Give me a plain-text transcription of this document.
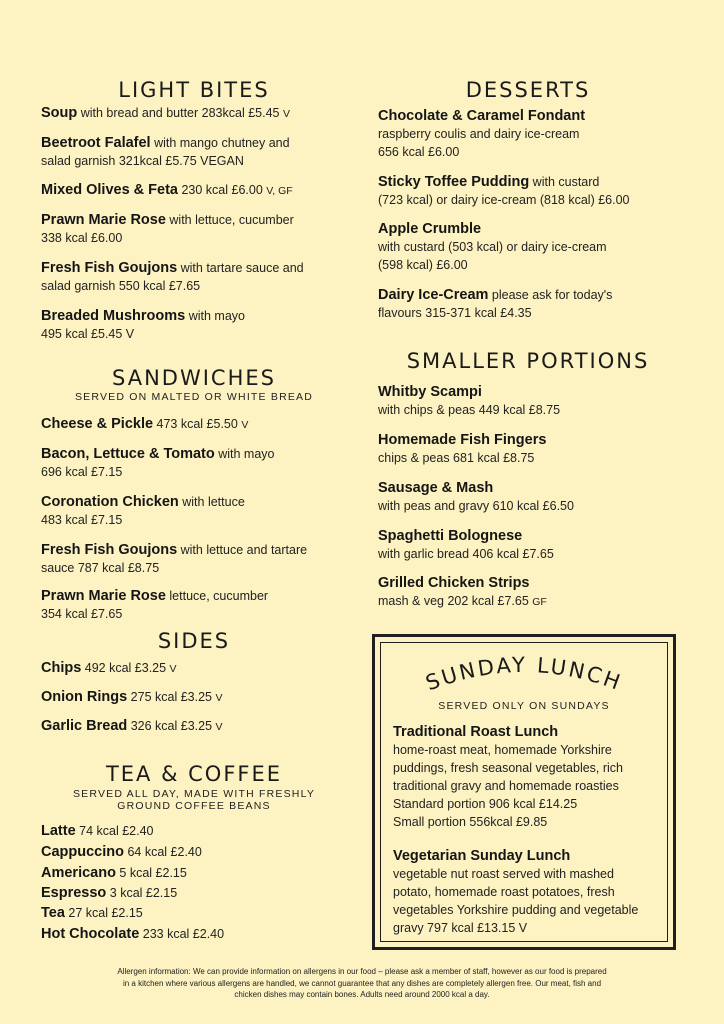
LIGHT BITES
Soup with bread and butter 283kcal £5.45 V
Beetroot Falafel with mango chutney and
salad garnish 321kcal £5.75 VEGAN
Mixed Olives & Feta 230 kcal £6.00 V, GF
Prawn Marie Rose with lettuce, cucumber
338 kcal £6.00
Fresh Fish Goujons with tartare sauce and
salad garnish 550 kcal £7.65
Breaded Mushrooms with mayo
495 kcal £5.45 V
SANDWICHES
SERVED ON MALTED OR WHITE BREAD
Cheese & Pickle 473 kcal £5.50 V
Bacon, Lettuce & Tomato with mayo
696 kcal £7.15
Coronation Chicken with lettuce
483 kcal £7.15
Fresh Fish Goujons with lettuce and tartare
sauce 787 kcal £8.75
Prawn Marie Rose lettuce, cucumber
354 kcal £7.65
SIDES
Chips 492 kcal £3.25 V
Onion Rings 275 kcal £3.25 V
Garlic Bread 326 kcal £3.25 V
TEA & COFFEE
SERVED ALL DAY, MADE WITH FRESHLY
GROUND COFFEE BEANS
Latte 74 kcal £2.40
Cappuccino 64 kcal £2.40
Americano 5 kcal £2.15
Espresso 3 kcal £2.15
Tea 27 kcal £2.15
Hot Chocolate 233 kcal £2.40
DESSERTS
Chocolate & Caramel Fondant
raspberry coulis and dairy ice-cream
656 kcal £6.00
Sticky Toffee Pudding with custard
(723 kcal) or dairy ice-cream (818 kcal) £6.00
Apple Crumble
with custard (503 kcal) or dairy ice-cream
(598 kcal) £6.00
Dairy Ice-Cream please ask for today's
flavours 315-371 kcal £4.35
SMALLER PORTIONS
Whitby Scampi
with chips & peas 449 kcal £8.75
Homemade Fish Fingers
chips & peas 681 kcal £8.75
Sausage & Mash
with peas and gravy 610 kcal £6.50
Spaghetti Bolognese
with garlic bread 406 kcal £7.65
Grilled Chicken Strips
mash & veg 202 kcal £7.65 GF
SUNDAY LUNCH
SERVED ONLY ON SUNDAYS
Traditional Roast Lunch
home-roast meat, homemade Yorkshire
puddings, fresh seasonal vegetables, rich
traditional gravy and homemade roasties
Standard portion 906 kcal £14.25
Small portion 556kcal £9.85
Vegetarian Sunday Lunch
vegetable nut roast served with mashed
potato, homemade roast potatoes, fresh
vegetables Yorkshire pudding and vegetable
gravy 797 kcal £13.15 V
Allergen information: We can provide information on allergens in our food – please ask a member of staff, however as our food is prepared
in a kitchen where various allergens are handled, we cannot guarantee that any dishes are completely allergen free. Our meat, fish and
chicken dishes may contain bones. Adults need around 2000 kcal a day.
